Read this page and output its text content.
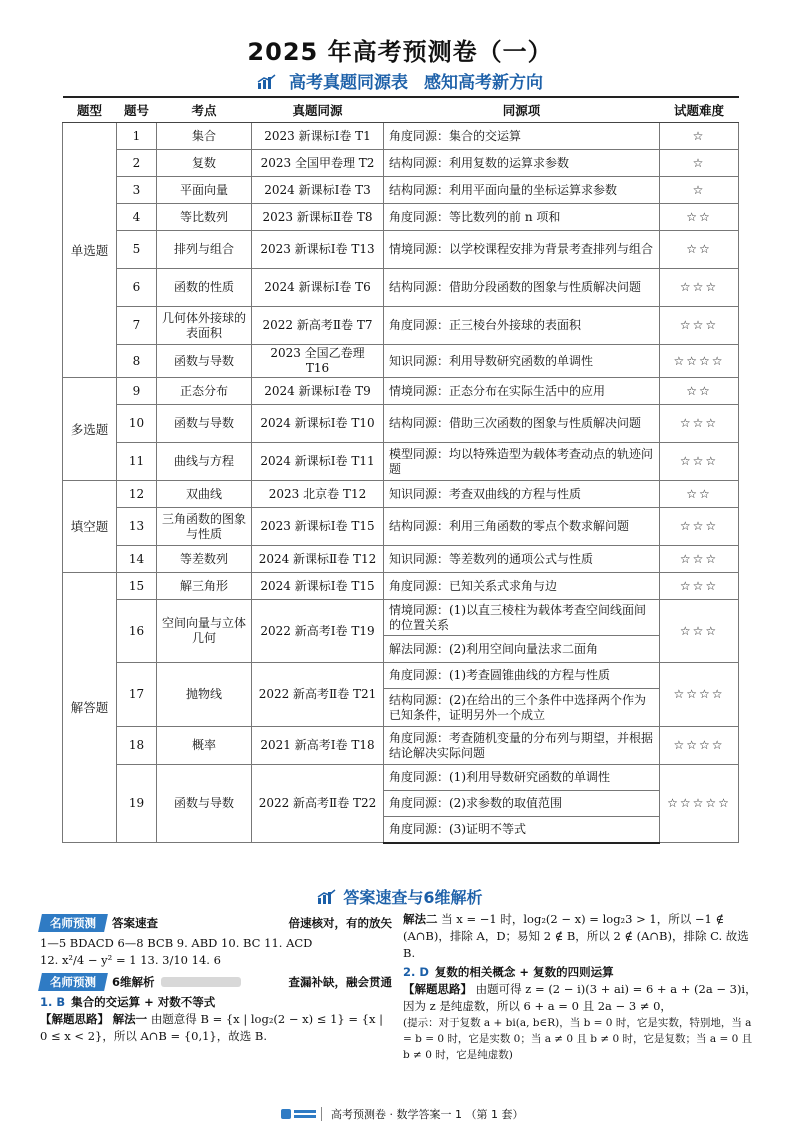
2025 年高考预测卷（一）
高考真题同源表 感知高考新方向
题型	题号	考点	真题同源	同源项	试题难度
单选题	1	集合	2023 新课标Ⅰ卷 T1	角度同源：集合的交运算	☆
	2	复数	2023 全国甲卷理 T2	结构同源：利用复数的运算求参数	☆
	3	平面向量	2024 新课标Ⅰ卷 T3	结构同源：利用平面向量的坐标运算求参数	☆
	4	等比数列	2023 新课标Ⅱ卷 T8	角度同源：等比数列的前 n 项和	☆☆
	5	排列与组合	2023 新课标Ⅰ卷 T13	情境同源：以学校课程安排为背景考查排列与组合	☆☆
	6	函数的性质	2024 新课标Ⅰ卷 T6	结构同源：借助分段函数的图象与性质解决问题	☆☆☆
	7	几何体外接球的表面积	2022 新高考Ⅱ卷 T7	角度同源：正三棱台外接球的表面积	☆☆☆
	8	函数与导数	2023 全国乙卷理 T16	知识同源：利用导数研究函数的单调性	☆☆☆☆
多选题	9	正态分布	2024 新课标Ⅰ卷 T9	情境同源：正态分布在实际生活中的应用	☆☆
	10	函数与导数	2024 新课标Ⅰ卷 T10	结构同源：借助三次函数的图象与性质解决问题	☆☆☆
	11	曲线与方程	2024 新课标Ⅰ卷 T11	模型同源：均以特殊造型为载体考查动点的轨迹问题	☆☆☆
填空题	12	双曲线	2023 北京卷 T12	知识同源：考查双曲线的方程与性质	☆☆
	13	三角函数的图象与性质	2023 新课标Ⅰ卷 T15	结构同源：利用三角函数的零点个数求解问题	☆☆☆
	14	等差数列	2024 新课标Ⅱ卷 T12	知识同源：等差数列的通项公式与性质	☆☆☆
解答题	15	解三角形	2024 新课标Ⅰ卷 T15	角度同源：已知关系式求角与边	☆☆☆
	16	空间向量与立体几何	2022 新高考Ⅰ卷 T19	情境同源：(1)以直三棱柱为载体考查空间线面间的位置关系	☆☆☆
				解法同源：(2)利用空间向量法求二面角	
	17	抛物线	2022 新高考Ⅱ卷 T21	角度同源：(1)考查圆锥曲线的方程与性质	☆☆☆☆
				结构同源：(2)在给出的三个条件中选择两个作为已知条件，证明另外一个成立	
	18	概率	2021 新高考Ⅰ卷 T18	角度同源：考查随机变量的分布列与期望，并根据结论解决实际问题	☆☆☆☆
	19	函数与导数	2022 新高考Ⅱ卷 T22	角度同源：(1)利用导数研究函数的单调性	☆☆☆☆☆
				角度同源：(2)求参数的取值范围	
				角度同源：(3)证明不等式	
答案速查与6维解析
名师预测	答案速查	倍速核对，有的放矢

1—5 BDACD 6—8 BCB 9. ABD 10. BC 11. ACD

12. x²/4 − y² = 1 13. 3/10 14. 6

名师预测	6维解析	查漏补缺，融会贯通

1. B 集合的交运算 + 对数不等式

【解题思路】 解法一 由题意得 B = {x | log₂(2 − x) ≤ 1} = {x | 0 ≤ x < 2}，所以 A∩B = {0,1}，故选 B.

解法二 当 x = −1 时，log₂(2 − x) = log₂3 > 1，所以 −1 ∉ (A∩B)，排除 A，D；易知 2 ∉ B，所以 2 ∉ (A∩B)，排除 C. 故选 B.

2. D 复数的相关概念 + 复数的四则运算

【解题思路】 由题可得 z = (2 − i)(3 + ai) = 6 + a + (2a − 3)i，因为 z 是纯虚数，所以 6 + a = 0 且 2a − 3 ≠ 0，

(提示：对于复数 a + bi(a, b∈R)，当 b = 0 时，它是实数，特别地，当 a = b = 0 时，它是实数 0；当 a ≠ 0 且 b ≠ 0 时，它是复数；当 a = 0 且 b ≠ 0 时，它是纯虚数)

高考预测卷 · 数学答案一 1 （第 1 套）
